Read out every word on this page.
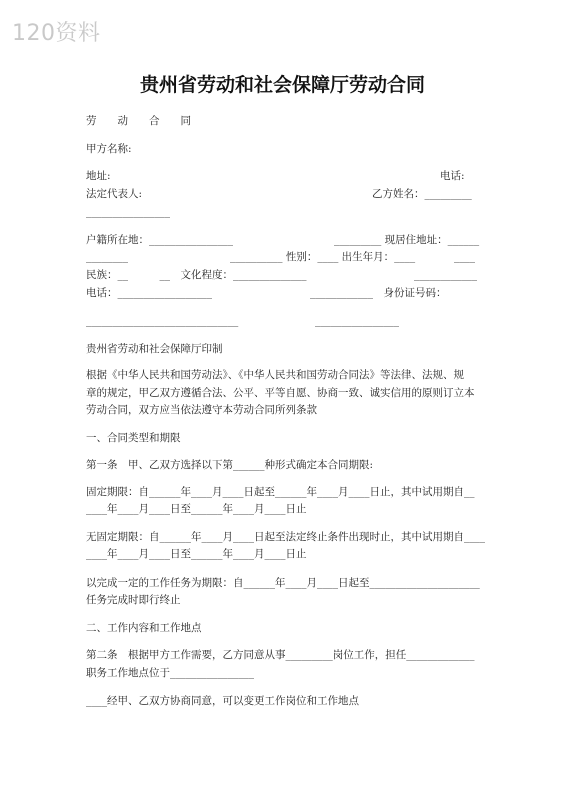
120资料
贵州省劳动和社会保障厅劳动合同
劳　　动　　合　　同
甲方名称:
地址:	电话:
法定代表人:	乙方姓名：_________
________________
户籍所在地：________________	_________ 现居住地址：______
________	__________ 性别：____ 出生年月：____	____
民族：__　　　__　文化程度：______________	____________
电话：__________________	____________　身份证号码：
_____________________________	________________
贵州省劳动和社会保障厅印制
根据《中华人民共和国劳动法》、《中华人民共和国劳动合同法》等法律、法规、规
章的规定，甲乙双方遵循合法、公平、平等自愿、协商一致、诚实信用的原则订立本
劳动合同，双方应当依法遵守本劳动合同所列条款
一、合同类型和期限
第一条　甲、乙双方选择以下第______种形式确定本合同期限:
固定期限：自______年____月____日起至______年____月____日止，其中试用期自__
____年____月____日至______年____月____日止
无固定期限：自______年____月____日起至法定终止条件出现时止，其中试用期自____
____年____月____日至______年____月____日止
以完成一定的工作任务为期限：自______年____月____日起至_____________________
任务完成时即行终止
二、工作内容和工作地点
第二条　根据甲方工作需要，乙方同意从事_________岗位工作，担任_____________
职务工作地点位于________________
____经甲、乙双方协商同意，可以变更工作岗位和工作地点
